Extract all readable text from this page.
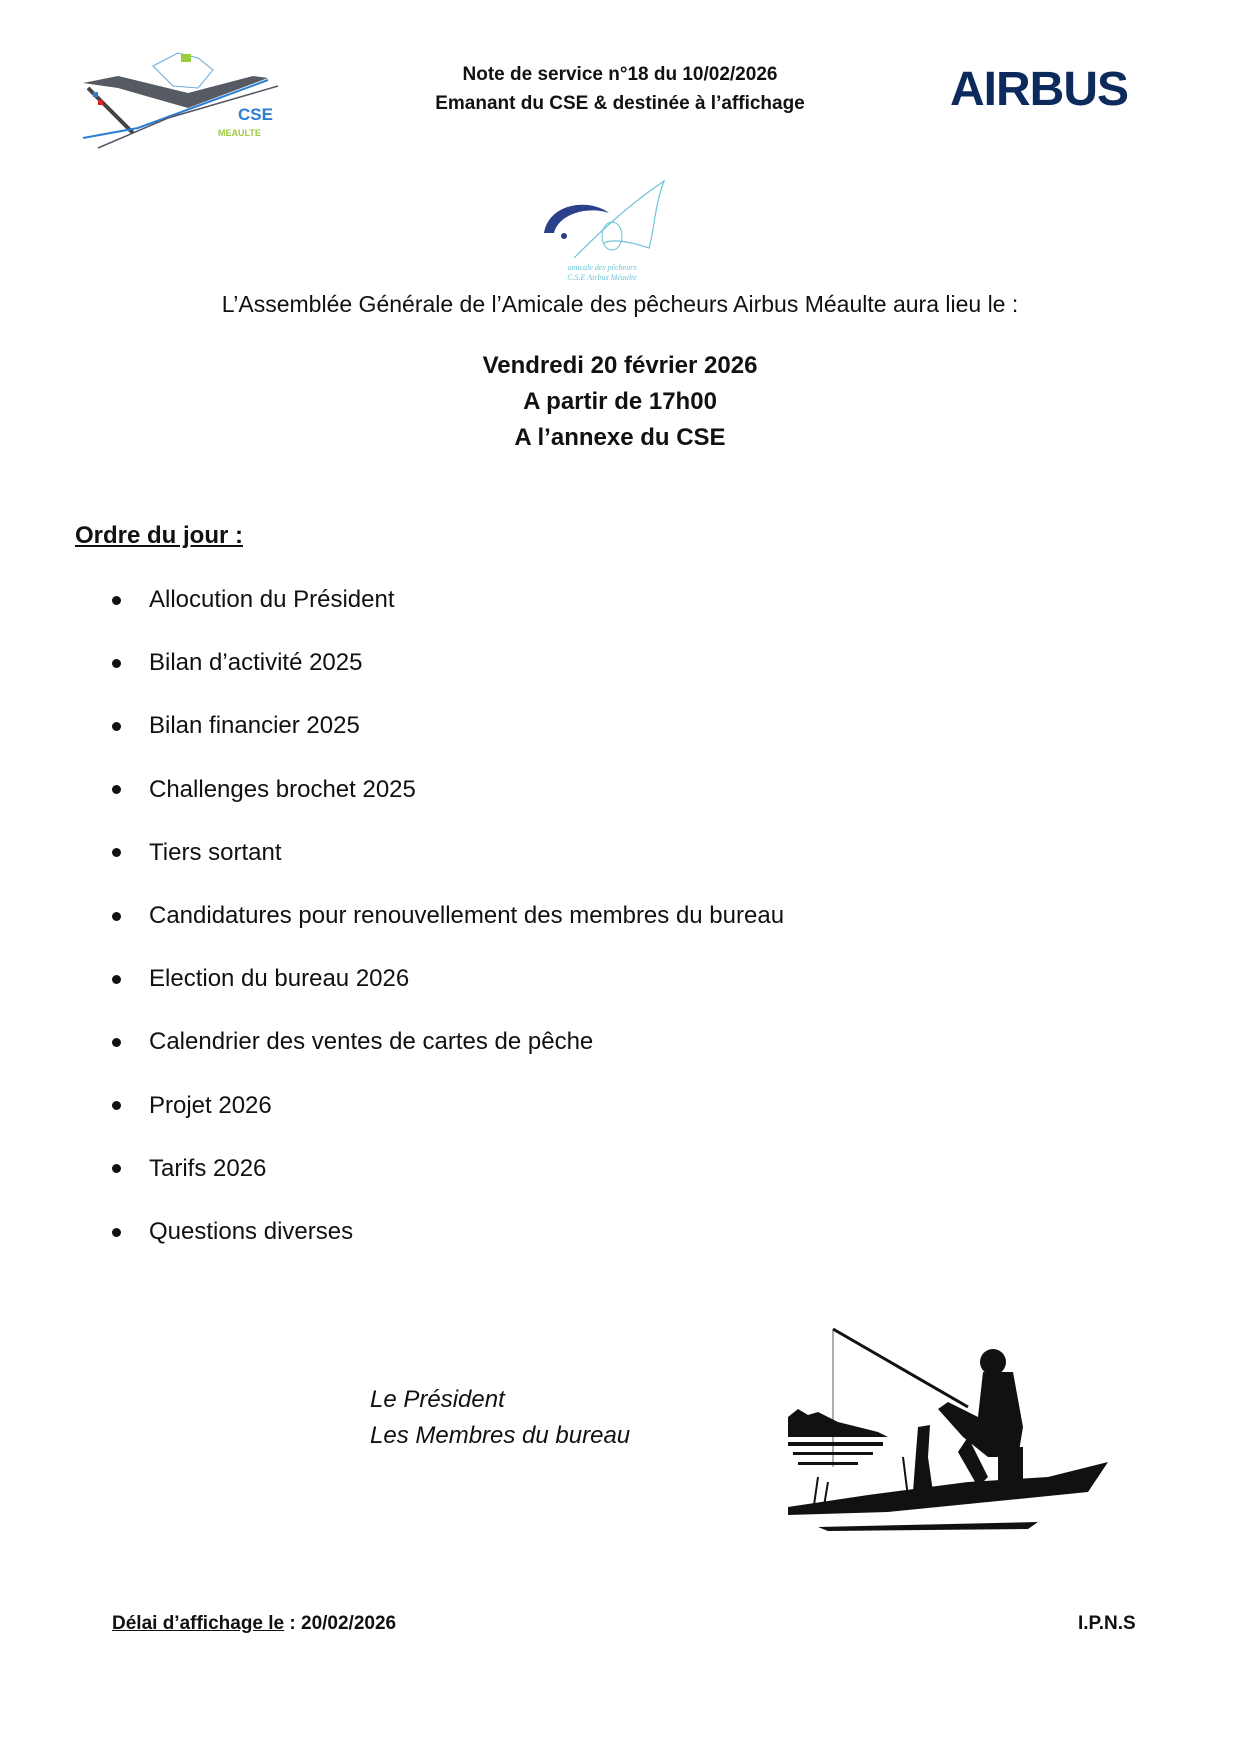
CSE
MEAULTE
Note de service n°18 du 10/02/2026
Emanant du CSE & destinée à l’affichage	AIRBUS
amicale des pêcheurs
C.S.E Airbus Méaulte
L’Assemblée Générale de l’Amicale des pêcheurs Airbus Méaulte aura lieu le :
Vendredi 20 février 2026
A partir de 17h00
A l’annexe du CSE
Ordre du jour :
Allocution du Président
Bilan d’activité 2025
Bilan financier 2025
Challenges brochet 2025
Tiers sortant
Candidatures pour renouvellement des membres du bureau
Election du bureau 2026
Calendrier des ventes de cartes de pêche
Projet 2026
Tarifs 2026
Questions diverses
Le Président
Les Membres du bureau
Délai d’affichage le : 20/02/2026	I.P.N.S
